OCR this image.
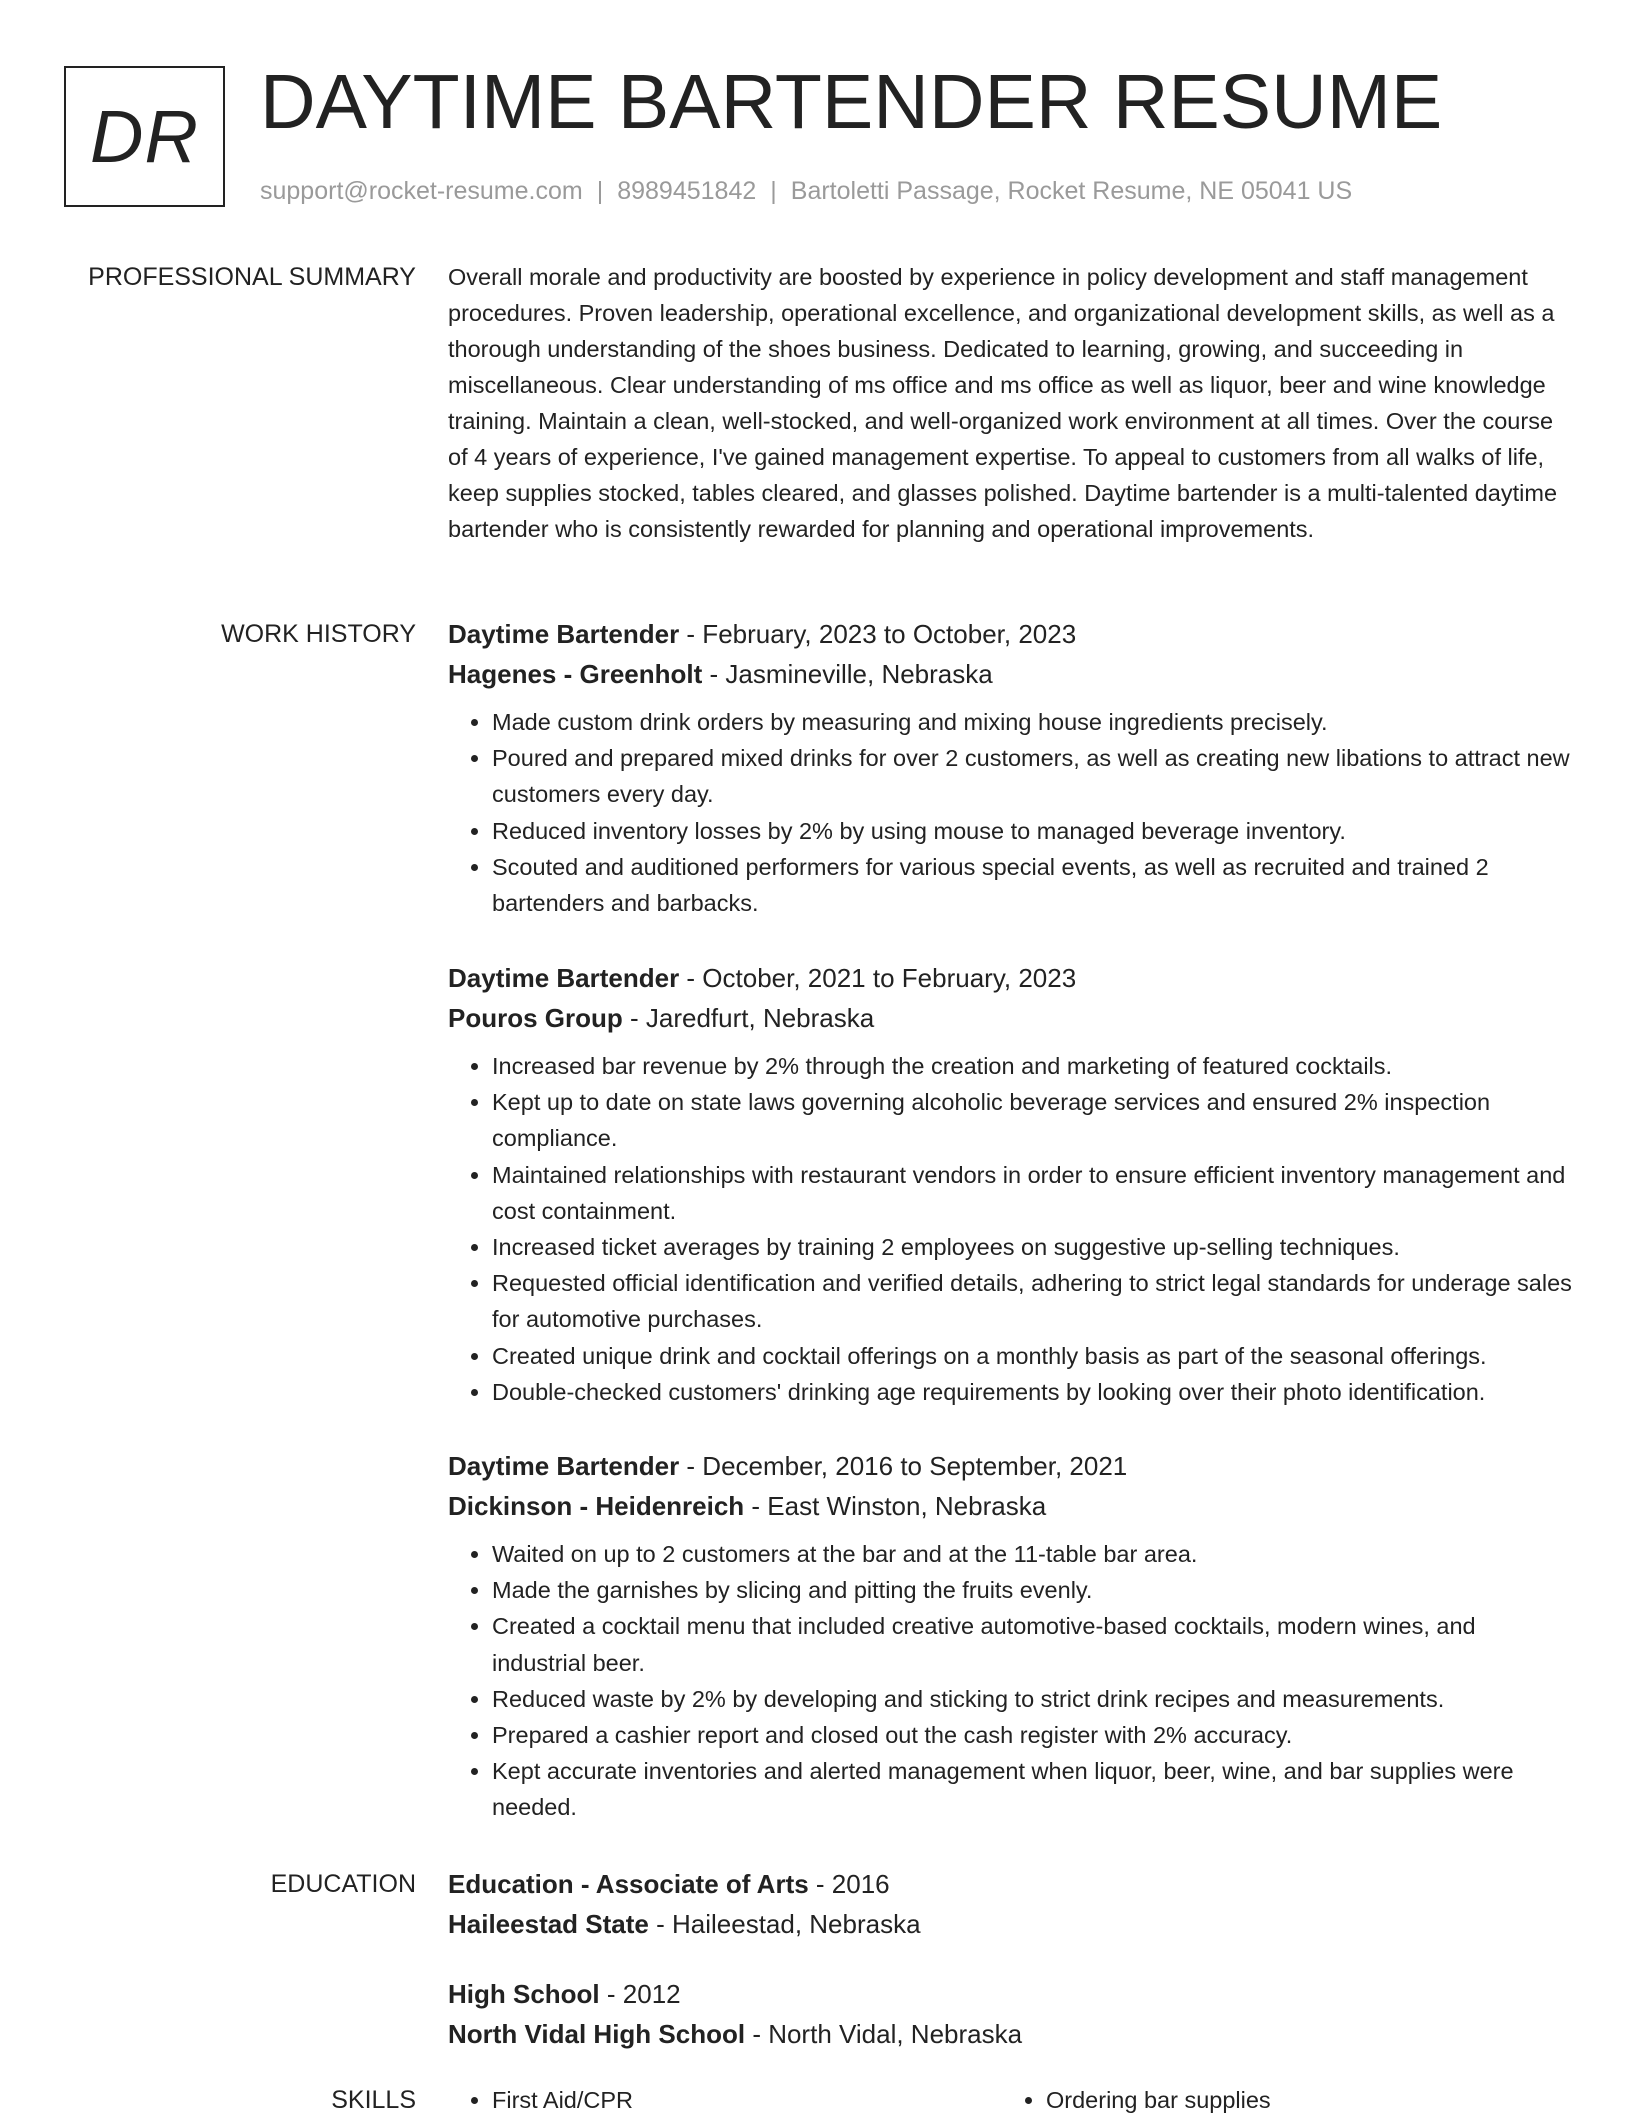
DR DAYTIME BARTENDER RESUME
support@rocket-resume.com | 8989451842 | Bartoletti Passage, Rocket Resume, NE 05041 US
PROFESSIONAL SUMMARY Overall morale and productivity are boosted by experience in policy development and staff management procedures. Proven leadership, operational excellence, and organizational development skills, as well as a thorough understanding of the shoes business. Dedicated to learning, growing, and succeeding in miscellaneous. Clear understanding of ms office and ms office as well as liquor, beer and wine knowledge training. Maintain a clean, well-stocked, and well-organized work environment at all times. Over the course of 4 years of experience, I've gained management expertise. To appeal to customers from all walks of life, keep supplies stocked, tables cleared, and glasses polished. Daytime bartender is a multi-talented daytime bartender who is consistently rewarded for planning and operational improvements.

WORK HISTORY Daytime Bartender - February, 2023 to October, 2023
Hagenes - Greenholt - Jasmineville, Nebraska
• Made custom drink orders by measuring and mixing house ingredients precisely.
• Poured and prepared mixed drinks for over 2 customers, as well as creating new libations to attract new customers every day.
• Reduced inventory losses by 2% by using mouse to managed beverage inventory.
• Scouted and auditioned performers for various special events, as well as recruited and trained 2 bartenders and barbacks.
Daytime Bartender - October, 2021 to February, 2023
Pouros Group - Jaredfurt, Nebraska
• Increased bar revenue by 2% through the creation and marketing of featured cocktails.
• Kept up to date on state laws governing alcoholic beverage services and ensured 2% inspection compliance.
• Maintained relationships with restaurant vendors in order to ensure efficient inventory management and cost containment.
• Increased ticket averages by training 2 employees on suggestive up-selling techniques.
• Requested official identification and verified details, adhering to strict legal standards for underage sales for automotive purchases.
• Created unique drink and cocktail offerings on a monthly basis as part of the seasonal offerings.
• Double-checked customers' drinking age requirements by looking over their photo identification.
Daytime Bartender - December, 2016 to September, 2021
Dickinson - Heidenreich - East Winston, Nebraska
• Waited on up to 2 customers at the bar and at the 11-table bar area.
• Made the garnishes by slicing and pitting the fruits evenly.
• Created a cocktail menu that included creative automotive-based cocktails, modern wines, and industrial beer.
• Reduced waste by 2% by developing and sticking to strict drink recipes and measurements.
• Prepared a cashier report and closed out the cash register with 2% accuracy.
• Kept accurate inventories and alerted management when liquor, beer, wine, and bar supplies were needed.
EDUCATION Education - Associate of Arts - 2016
Haileestad State - Haileestad, Nebraska
High School - 2012
North Vidal High School - North Vidal, Nebraska
SKILLS	• First Aid/CPR	• Ordering bar supplies
